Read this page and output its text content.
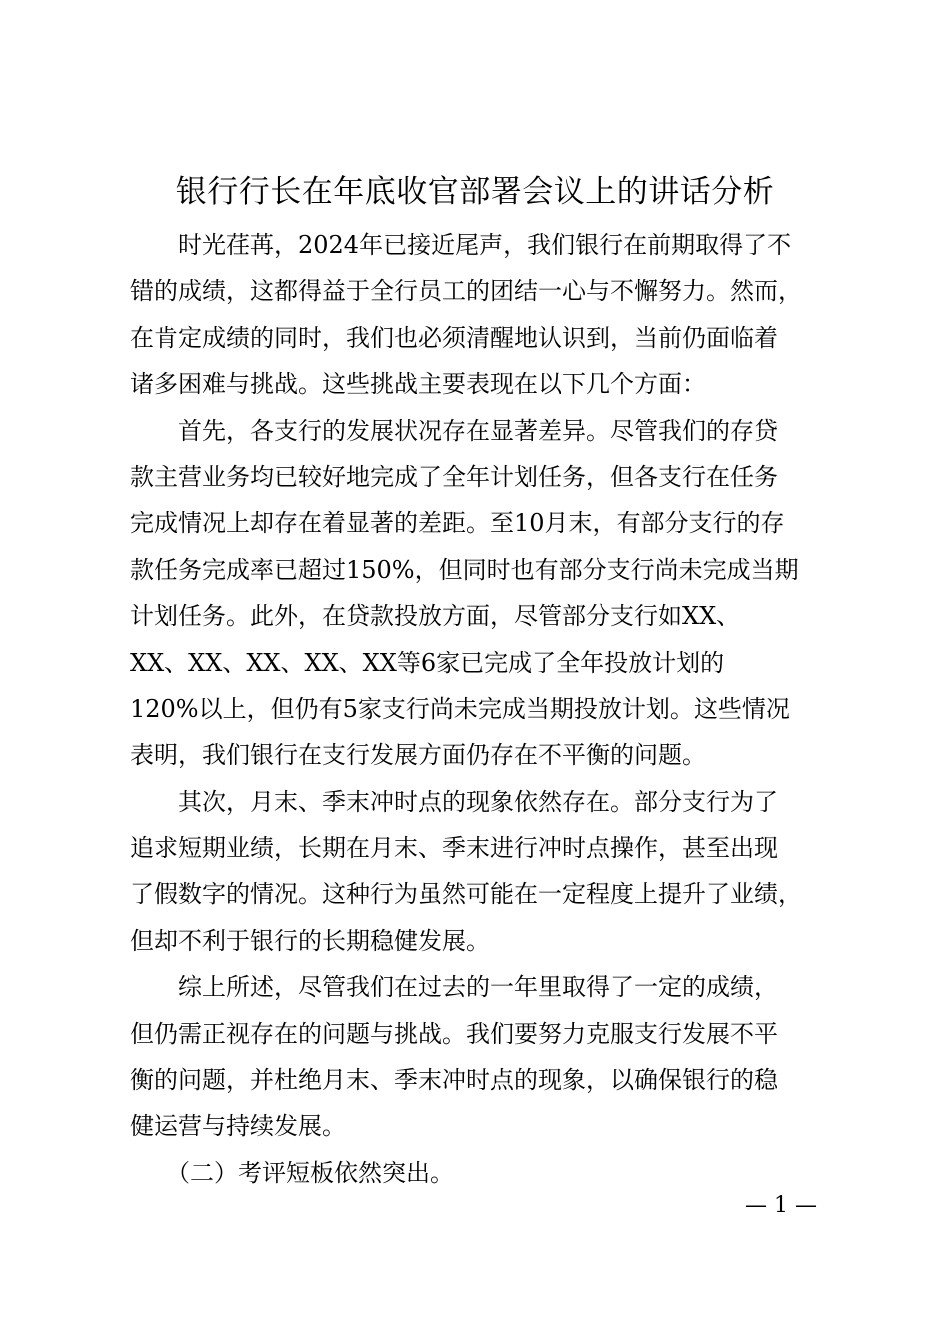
银行行长在年底收官部署会议上的讲话分析

时光荏苒，2024年已接近尾声，我们银行在前期取得了不
错的成绩，这都得益于全行员工的团结一心与不懈努力。然而，
在肯定成绩的同时，我们也必须清醒地认识到，当前仍面临着
诸多困难与挑战。这些挑战主要表现在以下几个方面：

首先，各支行的发展状况存在显著差异。尽管我们的存贷
款主营业务均已较好地完成了全年计划任务，但各支行在任务
完成情况上却存在着显著的差距。至10月末，有部分支行的存
款任务完成率已超过150%，但同时也有部分支行尚未完成当期
计划任务。此外，在贷款投放方面，尽管部分支行如XX、
XX、XX、XX、XX、XX等6家已完成了全年投放计划的
120%以上，但仍有5家支行尚未完成当期投放计划。这些情况
表明，我们银行在支行发展方面仍存在不平衡的问题。

其次，月末、季末冲时点的现象依然存在。部分支行为了
追求短期业绩，长期在月末、季末进行冲时点操作，甚至出现
了假数字的情况。这种行为虽然可能在一定程度上提升了业绩，
但却不利于银行的长期稳健发展。

综上所述，尽管我们在过去的一年里取得了一定的成绩，
但仍需正视存在的问题与挑战。我们要努力克服支行发展不平
衡的问题，并杜绝月末、季末冲时点的现象，以确保银行的稳
健运营与持续发展。

（二）考评短板依然突出。

— 1 —
